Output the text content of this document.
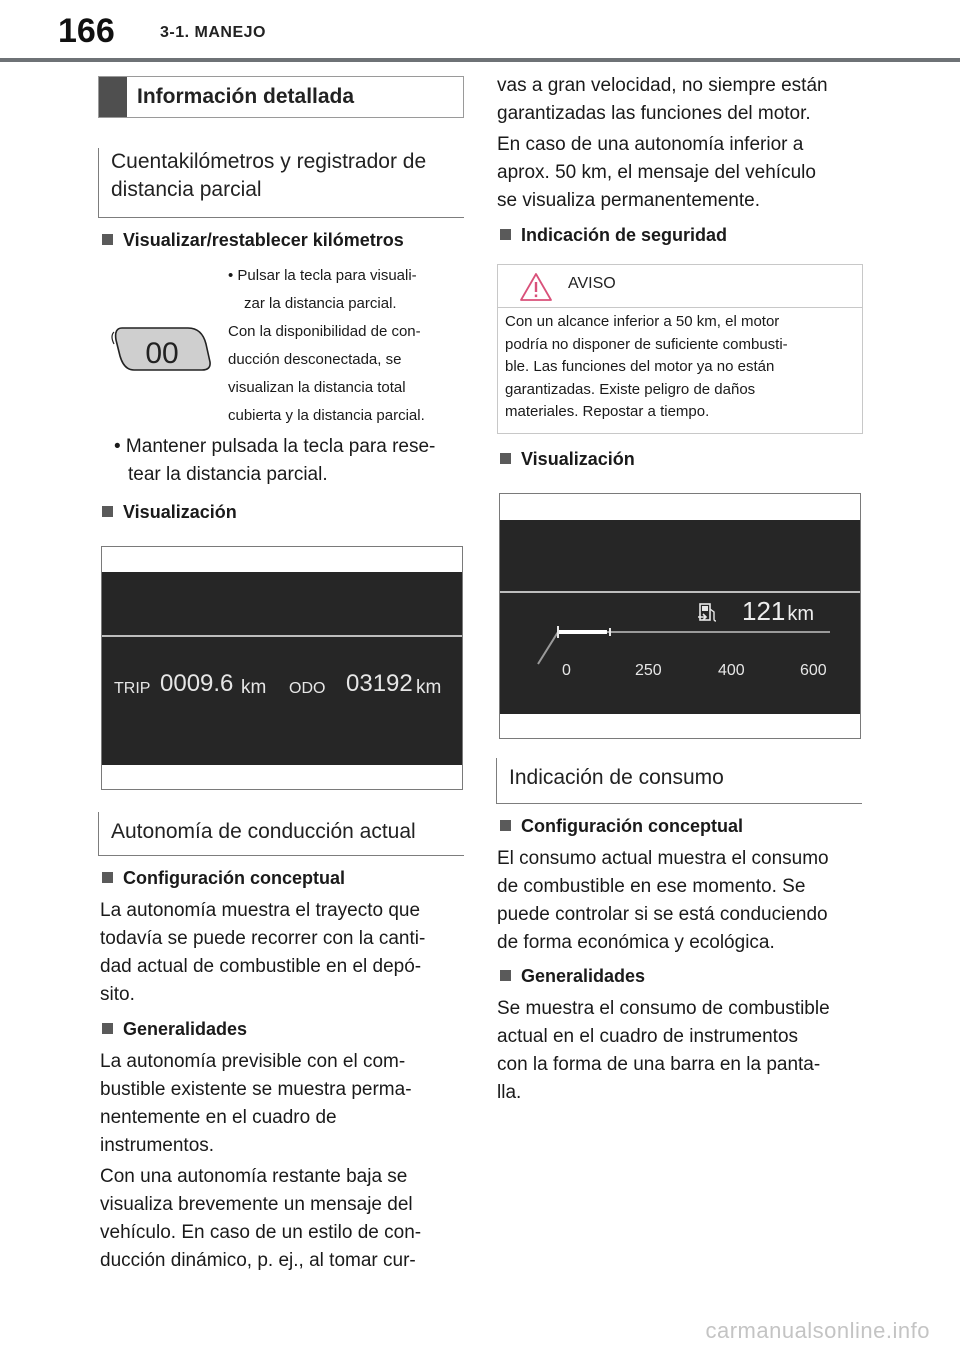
166	3-1. MANEJO
Información detallada
Cuentakilómetros y registrador de
distancia parcial
Visualizar/restablecer kilómetros
• Pulsar la tecla para visuali-
zar la distancia parcial.
00
Con la disponibilidad de con-
ducción desconectada, se
visualizan la distancia total
cubierta y la distancia parcial.
• Mantener pulsada la tecla para rese-
tear la distancia parcial.
Visualización
TRIP 0009.6 km ODO 03192 km
Autonomía de conducción actual
Configuración conceptual
La autonomía muestra el trayecto que
todavía se puede recorrer con la canti-
dad actual de combustible en el depó-
sito.
Generalidades
La autonomía previsible con el com-
bustible existente se muestra perma-
nentemente en el cuadro de
instrumentos.
Con una autonomía restante baja se
visualiza brevemente un mensaje del
vehículo. En caso de un estilo de con-
ducción dinámico, p. ej., al tomar cur-
vas a gran velocidad, no siempre están
garantizadas las funciones del motor.
En caso de una autonomía inferior a
aprox. 50 km, el mensaje del vehículo
se visualiza permanentemente.
Indicación de seguridad
AVISO
Con un alcance inferior a 50 km, el motor
podría no disponer de suficiente combusti-
ble. Las funciones del motor ya no están
garantizadas. Existe peligro de daños
materiales. Repostar a tiempo.
Visualización
121 km
0	250	400	600
Indicación de consumo
Configuración conceptual
El consumo actual muestra el consumo
de combustible en ese momento. Se
puede controlar si se está conduciendo
de forma económica y ecológica.
Generalidades
Se muestra el consumo de combustible
actual en el cuadro de instrumentos
con la forma de una barra en la panta-
lla.
carmanualsonline.info
